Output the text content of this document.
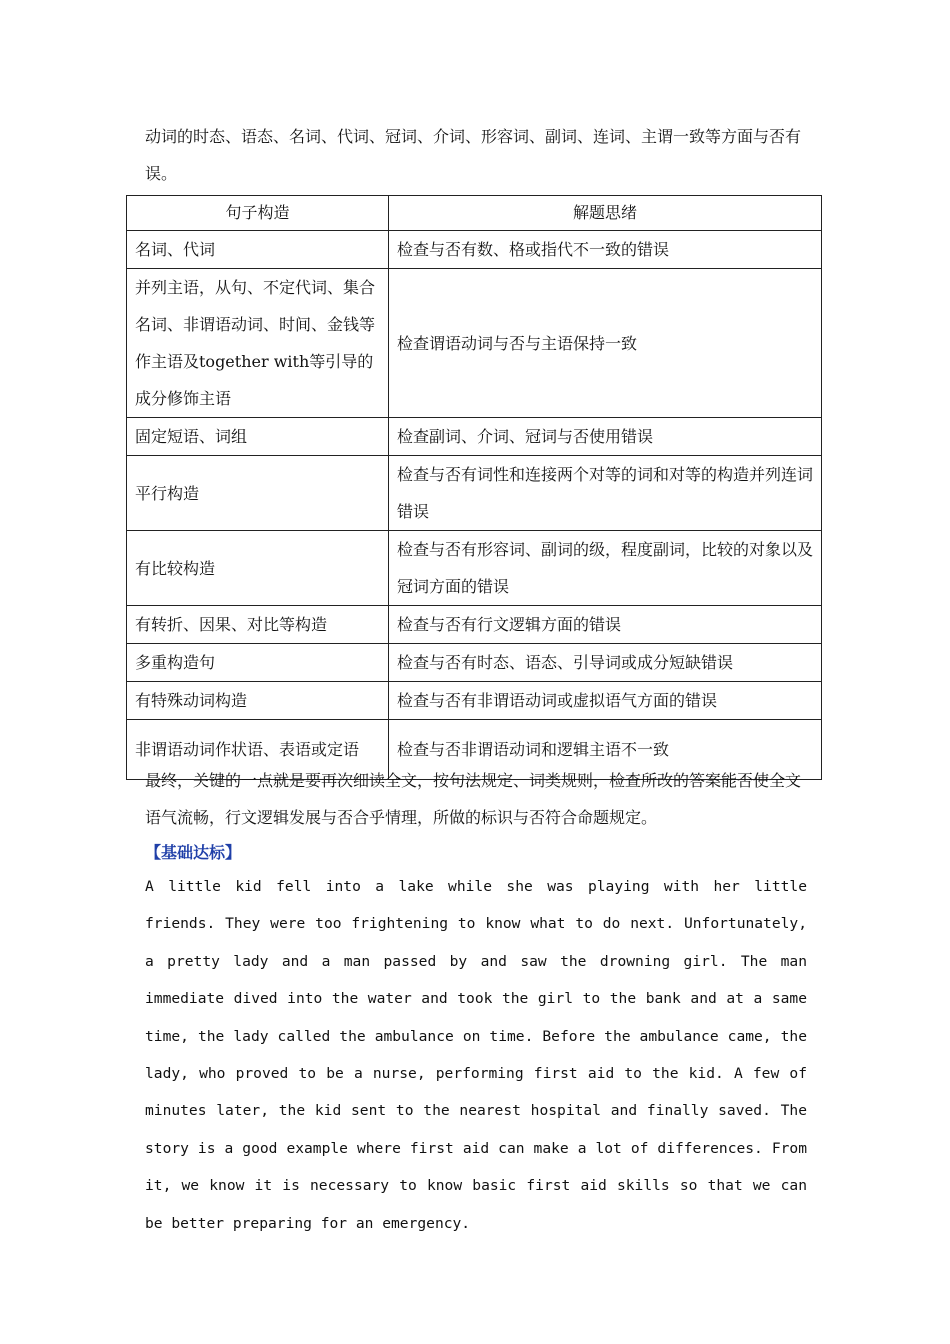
动词的时态、语态、名词、代词、冠词、介词、形容词、副词、连词、主谓一致等方面与否有误。

句子构造	解题思绪
名词、代词	检查与否有数、格或指代不一致的错误
并列主语，从句、不定代词、集合名词、非谓语动词、时间、金钱等作主语及together with等引导的成分修饰主语	检查谓语动词与否与主语保持一致
固定短语、词组	检查副词、介词、冠词与否使用错误
平行构造	检查与否有词性和连接两个对等的词和对等的构造并列连词错误
有比较构造	检查与否有形容词、副词的级，程度副词，比较的对象以及冠词方面的错误
有转折、因果、对比等构造	检查与否有行文逻辑方面的错误
多重构造句	检查与否有时态、语态、引导词或成分短缺错误
有特殊动词构造	检查与否有非谓语动词或虚拟语气方面的错误
非谓语动词作状语、表语或定语	检查与否非谓语动词和逻辑主语不一致

最终，关键的一点就是要再次细读全文，按句法规定、词类规则，检查所改的答案能否使全文语气流畅，行文逻辑发展与否合乎情理，所做的标识与否符合命题规定。

【基础达标】

A little kid fell into a lake while she was playing with her little friends. They were too frightening to know what to do next. Unfortunately, a pretty lady and a man passed by and saw the drowning girl. The man immediate dived into the water and took the girl to the bank and at a same time, the lady called the ambulance on time. Before the ambulance came, the lady, who proved to be a nurse, performing first aid to the kid. A few of minutes later, the kid sent to the nearest hospital and finally saved. The story is a good example where first aid can make a lot of differences. From it, we know it is necessary to know basic first aid skills so that we can be better preparing for an emergency.
